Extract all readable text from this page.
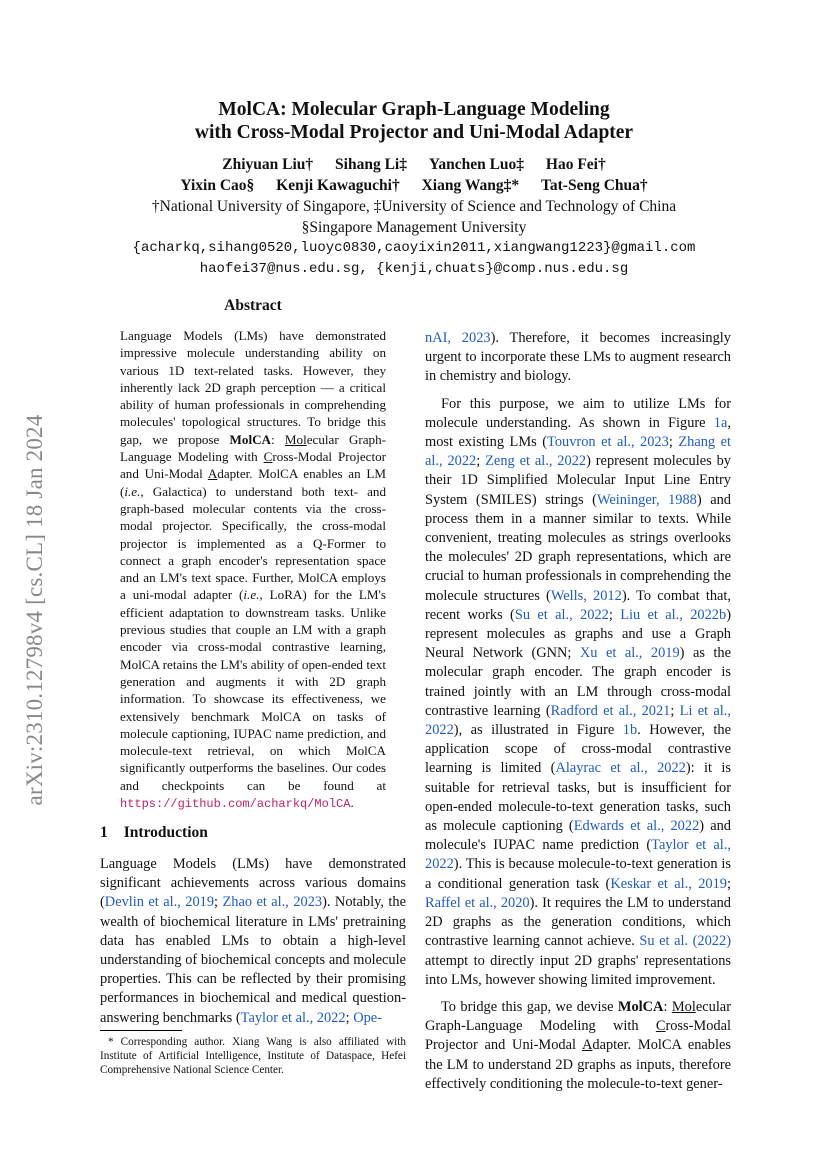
arXiv:2310.12798v4 [cs.CL] 18 Jan 2024
MolCA: Molecular Graph-Language Modeling
with Cross-Modal Projector and Uni-Modal Adapter
Zhiyuan Liu† Sihang Li‡ Yanchen Luo‡ Hao Fei†
Yixin Cao§ Kenji Kawaguchi† Xiang Wang‡* Tat-Seng Chua†
†National University of Singapore, ‡University of Science and Technology of China
§Singapore Management University
{acharkq,sihang0520,luoyc0830,caoyixin2011,xiangwang1223}@gmail.com
haofei37@nus.edu.sg, {kenji,chuats}@comp.nus.edu.sg
Abstract

Language Models (LMs) have demonstrated impressive molecule understanding ability on various 1D text-related tasks. However, they inherently lack 2D graph perception — a critical ability of human professionals in comprehending molecules' topological structures. To bridge this gap, we propose MolCA: Molecular Graph-Language Modeling with Cross-Modal Projector and Uni-Modal Adapter. MolCA enables an LM (i.e., Galactica) to understand both text- and graph-based molecular contents via the cross-modal projector. Specifically, the cross-modal projector is implemented as a Q-Former to connect a graph encoder's representation space and an LM's text space. Further, MolCA employs a uni-modal adapter (i.e., LoRA) for the LM's efficient adaptation to downstream tasks. Unlike previous studies that couple an LM with a graph encoder via cross-modal contrastive learning, MolCA retains the LM's ability of open-ended text generation and augments it with 2D graph information. To showcase its effectiveness, we extensively benchmark MolCA on tasks of molecule captioning, IUPAC name prediction, and molecule-text retrieval, on which MolCA significantly outperforms the baselines. Our codes and checkpoints can be found at https://github.com/acharkq/MolCA.

1 Introduction

Language Models (LMs) have demonstrated significant achievements across various domains (Devlin et al., 2019; Zhao et al., 2023). Notably, the wealth of biochemical literature in LMs' pretraining data has enabled LMs to obtain a high-level understanding of biochemical concepts and molecule properties. This can be reflected by their promising performances in biochemical and medical question-answering benchmarks (Taylor et al., 2022; Ope-

* Corresponding author. Xiang Wang is also affiliated with Institute of Artificial Intelligence, Institute of Dataspace, Hefei Comprehensive National Science Center.

nAI, 2023). Therefore, it becomes increasingly urgent to incorporate these LMs to augment research in chemistry and biology.

For this purpose, we aim to utilize LMs for molecule understanding. As shown in Figure 1a, most existing LMs (Touvron et al., 2023; Zhang et al., 2022; Zeng et al., 2022) represent molecules by their 1D Simplified Molecular Input Line Entry System (SMILES) strings (Weininger, 1988) and process them in a manner similar to texts. While convenient, treating molecules as strings overlooks the molecules' 2D graph representations, which are crucial to human professionals in comprehending the molecule structures (Wells, 2012). To combat that, recent works (Su et al., 2022; Liu et al., 2022b) represent molecules as graphs and use a Graph Neural Network (GNN; Xu et al., 2019) as the molecular graph encoder. The graph encoder is trained jointly with an LM through cross-modal contrastive learning (Radford et al., 2021; Li et al., 2022), as illustrated in Figure 1b. However, the application scope of cross-modal contrastive learning is limited (Alayrac et al., 2022): it is suitable for retrieval tasks, but is insufficient for open-ended molecule-to-text generation tasks, such as molecule captioning (Edwards et al., 2022) and molecule's IUPAC name prediction (Taylor et al., 2022). This is because molecule-to-text generation is a conditional generation task (Keskar et al., 2019; Raffel et al., 2020). It requires the LM to understand 2D graphs as the generation conditions, which contrastive learning cannot achieve. Su et al. (2022) attempt to directly input 2D graphs' representations into LMs, however showing limited improvement.

To bridge this gap, we devise MolCA: Molecular Graph-Language Modeling with Cross-Modal Projector and Uni-Modal Adapter. MolCA enables the LM to understand 2D graphs as inputs, therefore effectively conditioning the molecule-to-text gener-
